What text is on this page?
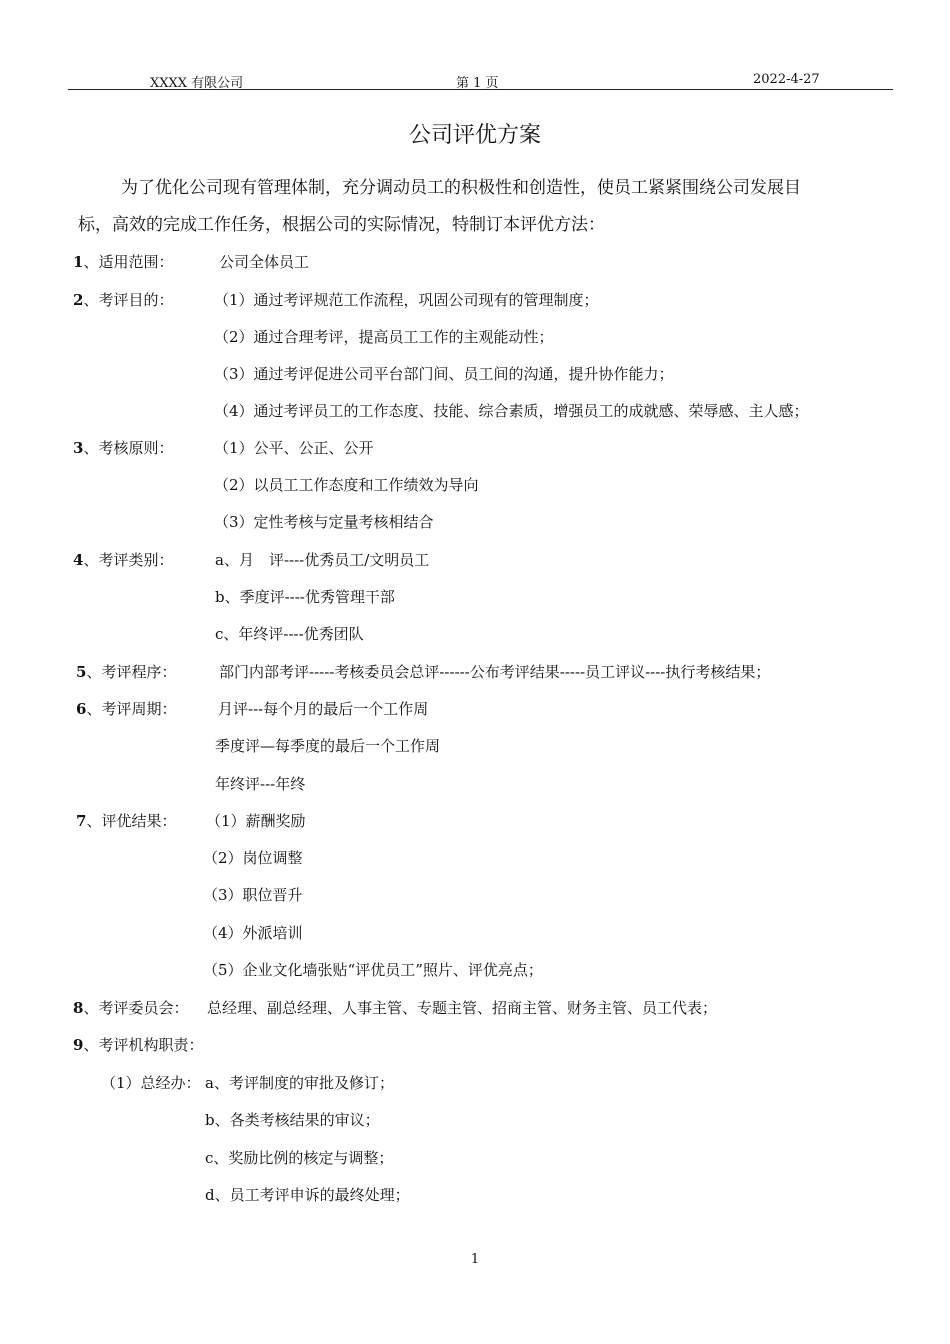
XXXX 有限公司	第 1 页	2022-4-27
公司评优方案
为了优化公司现有管理体制，充分调动员工的积极性和创造性，使员工紧紧围绕公司发展目
标，高效的完成工作任务，根据公司的实际情况，特制订本评优方法：
1、适用范围：	公司全体员工
2、考评目的：	（1）通过考评规范工作流程，巩固公司现有的管理制度；
（2）通过合理考评，提高员工工作的主观能动性；
（3）通过考评促进公司平台部门间、员工间的沟通，提升协作能力；
（4）通过考评员工的工作态度、技能、综合素质，增强员工的成就感、荣辱感、主人感；
3、考核原则：	（1）公平、公正、公开
（2）以员工工作态度和工作绩效为导向
（3）定性考核与定量考核相结合
4、考评类别：	a、月　评----优秀员工/文明员工
b、季度评----优秀管理干部
c、年终评----优秀团队
5、考评程序：	部门内部考评-----考核委员会总评------公布考评结果-----员工评议----执行考核结果；
6、考评周期：	月评---每个月的最后一个工作周
季度评—每季度的最后一个工作周
年终评---年终
7、评优结果： （1）薪酬奖励
（2）岗位调整
（3）职位晋升
（4）外派培训
（5）企业文化墙张贴“评优员工”照片、评优亮点；
8、考评委员会： 总经理、副总经理、人事主管、专题主管、招商主管、财务主管、员工代表；
9、考评机构职责：
（1）总经办： a、考评制度的审批及修订；
b、各类考核结果的审议；
c、奖励比例的核定与调整；
d、员工考评申诉的最终处理；
1
